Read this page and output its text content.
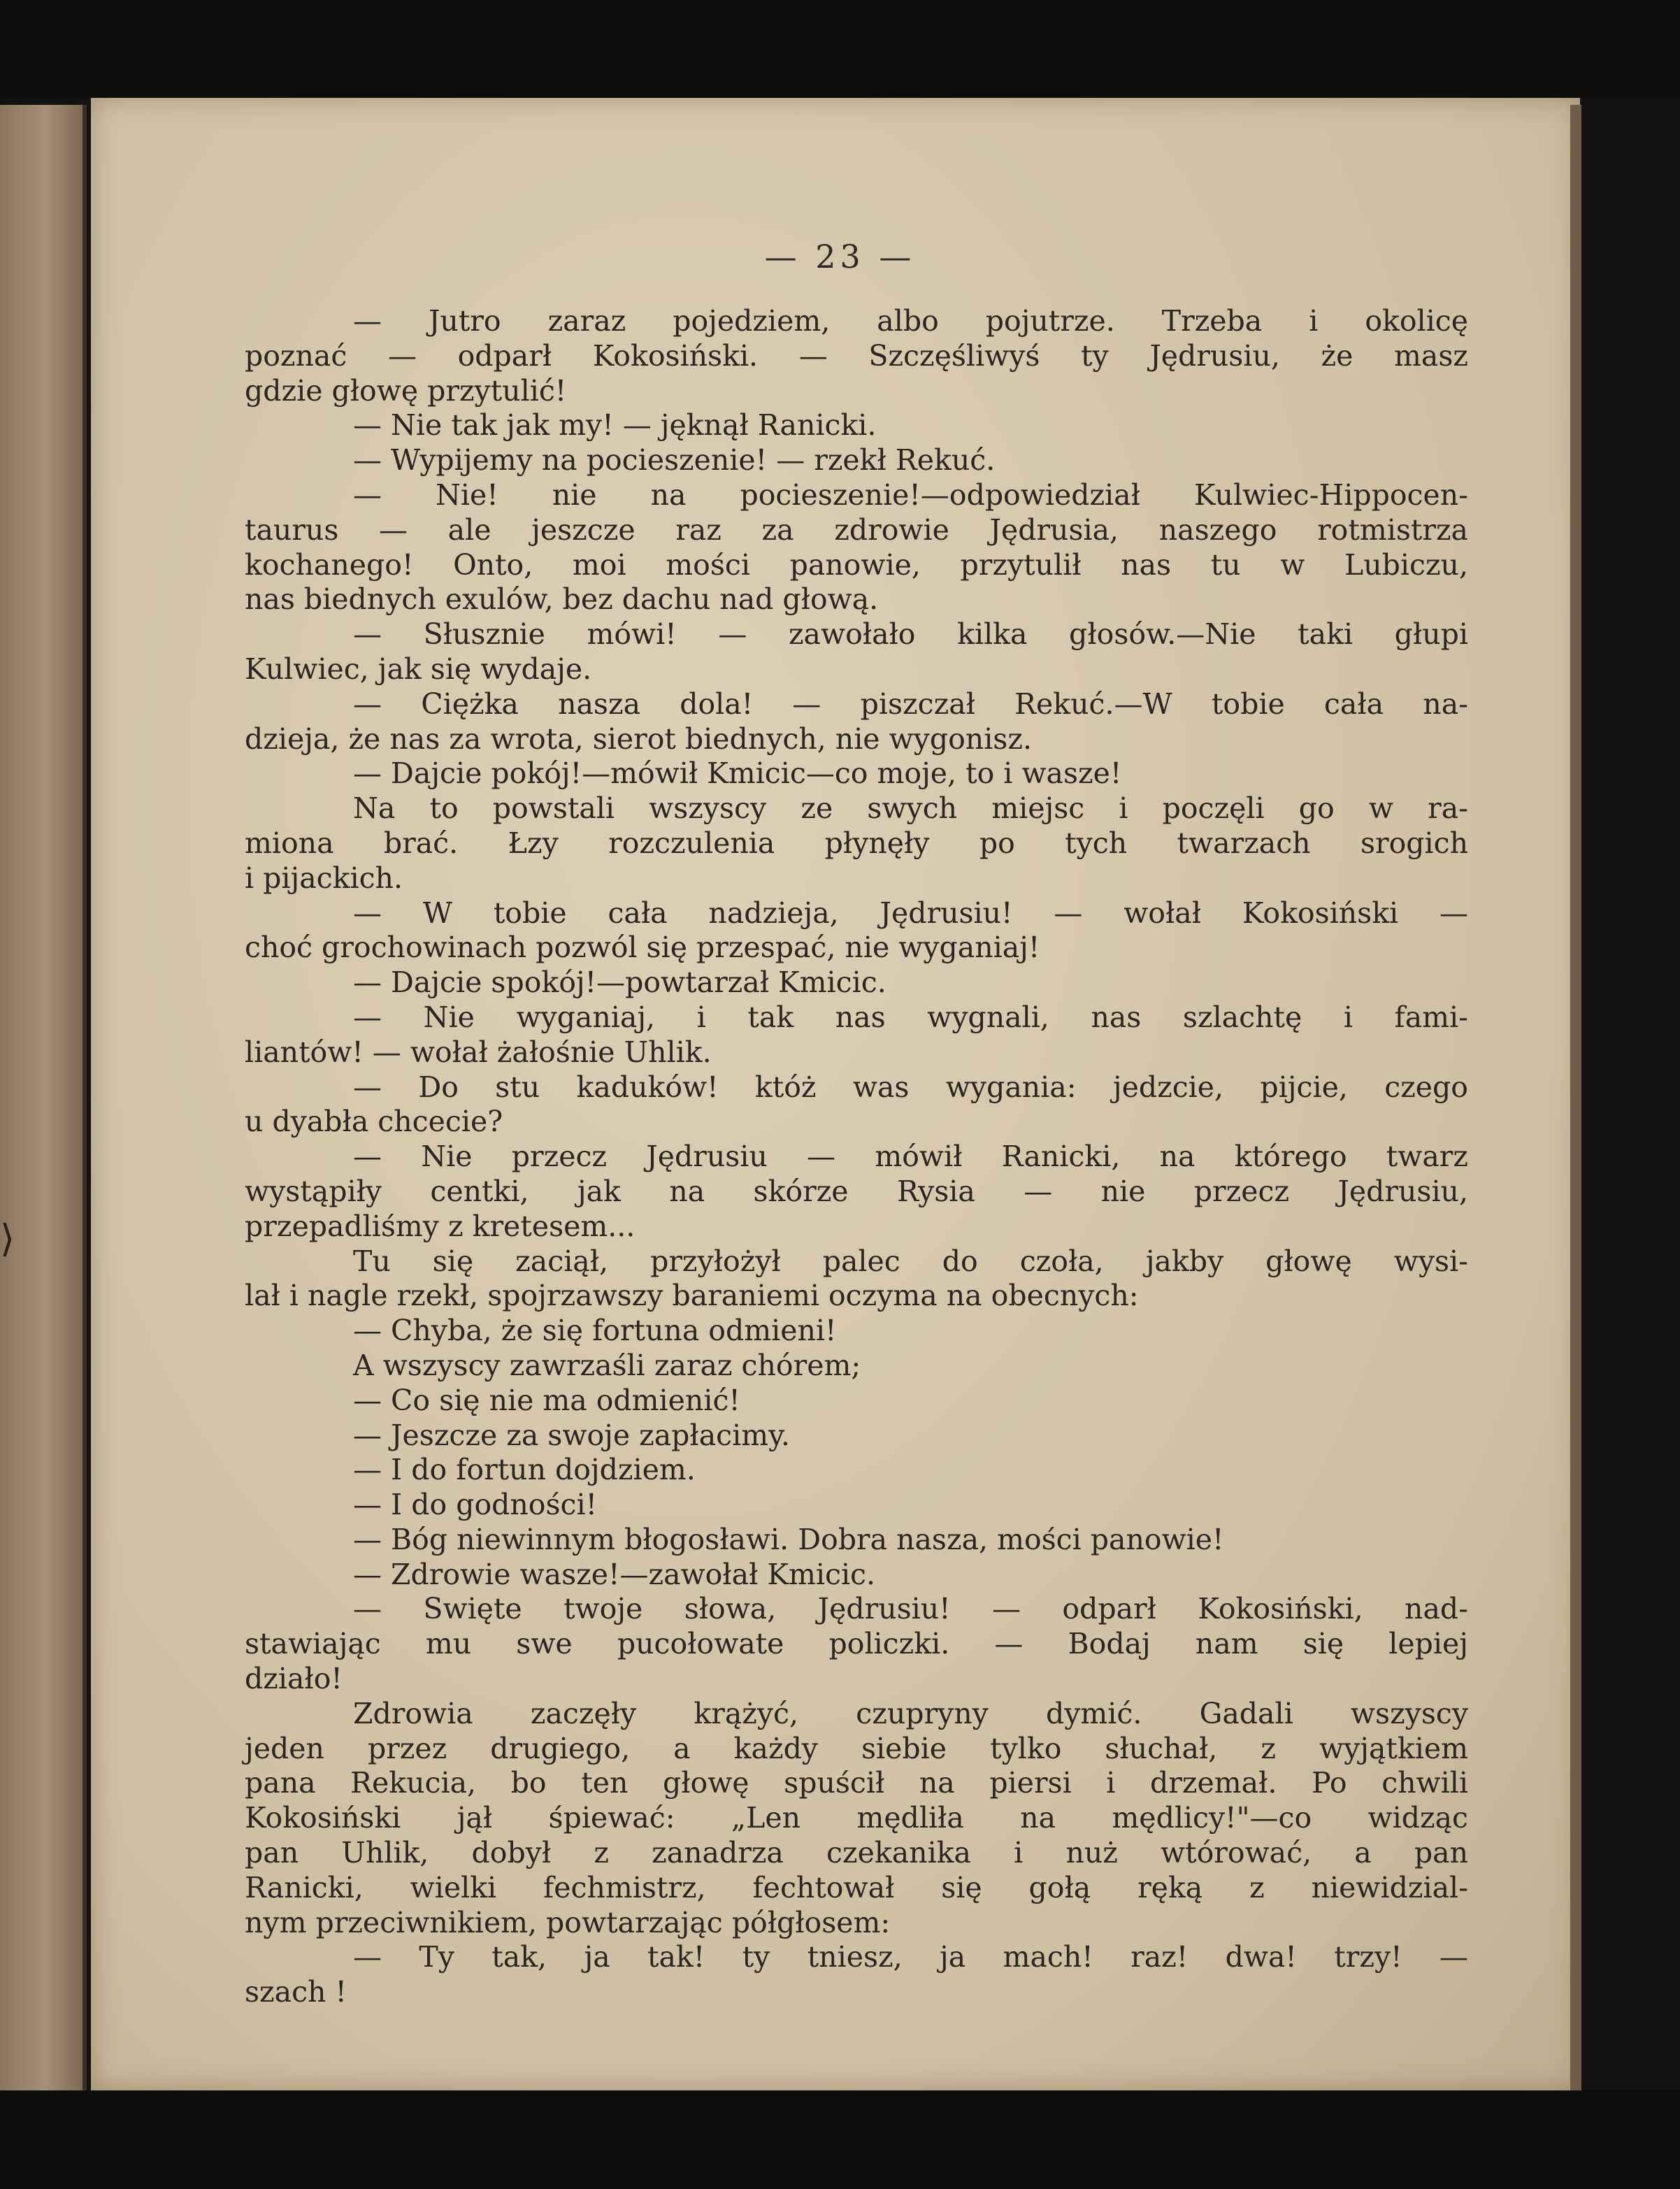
⟩
— 23 —
— Jutro zaraz pojedziem, albo pojutrze. Trzeba i okolicę
poznać — odparł Kokosiński. — Szczęśliwyś ty Jędrusiu, że masz
gdzie głowę przytulić!
— Nie tak jak my! — jęknął Ranicki.
— Wypijemy na pocieszenie! — rzekł Rekuć.
— Nie! nie na pocieszenie!—odpowiedział Kulwiec-Hippocen-
taurus — ale jeszcze raz za zdrowie Jędrusia, naszego rotmistrza
kochanego! Onto, moi mości panowie, przytulił nas tu w Lubiczu,
nas biednych exulów, bez dachu nad głową.
— Słusznie mówi! — zawołało kilka głosów.—Nie taki głupi
Kulwiec, jak się wydaje.
— Ciężka nasza dola! — piszczał Rekuć.—W tobie cała na-
dzieja, że nas za wrota, sierot biednych, nie wygonisz.
— Dajcie pokój!—mówił Kmicic—co moje, to i wasze!
Na to powstali wszyscy ze swych miejsc i poczęli go w ra-
miona brać. Łzy rozczulenia płynęły po tych twarzach srogich
i pijackich.
— W tobie cała nadzieja, Jędrusiu! — wołał Kokosiński —
choć grochowinach pozwól się przespać, nie wyganiaj!
— Dajcie spokój!—powtarzał Kmicic.
— Nie wyganiaj, i tak nas wygnali, nas szlachtę i fami-
liantów! — wołał żałośnie Uhlik.
— Do stu kaduków! któż was wygania: jedzcie, pijcie, czego
u dyabła chcecie?
— Nie przecz Jędrusiu — mówił Ranicki, na którego twarz
wystąpiły centki, jak na skórze Rysia — nie przecz Jędrusiu,
przepadliśmy z kretesem...
Tu się zaciął, przyłożył palec do czoła, jakby głowę wysi-
lał i nagle rzekł, spojrzawszy baraniemi oczyma na obecnych:
— Chyba, że się fortuna odmieni!
A wszyscy zawrzaśli zaraz chórem;
— Co się nie ma odmienić!
— Jeszcze za swoje zapłacimy.
— I do fortun dojdziem.
— I do godności!
— Bóg niewinnym błogosławi. Dobra nasza, mości panowie!
— Zdrowie wasze!—zawołał Kmicic.
— Swięte twoje słowa, Jędrusiu! — odparł Kokosiński, nad-
stawiając mu swe pucołowate policzki. — Bodaj nam się lepiej
działo!
Zdrowia zaczęły krążyć, czupryny dymić. Gadali wszyscy
jeden przez drugiego, a każdy siebie tylko słuchał, z wyjątkiem
pana Rekucia, bo ten głowę spuścił na piersi i drzemał. Po chwili
Kokosiński jął śpiewać: „Len mędliła na mędlicy!"—co widząc
pan Uhlik, dobył z zanadrza czekanika i nuż wtórować, a pan
Ranicki, wielki fechmistrz, fechtował się gołą ręką z niewidzial-
nym przeciwnikiem, powtarzając półgłosem:
— Ty tak, ja tak! ty tniesz, ja mach! raz! dwa! trzy! —
szach !
